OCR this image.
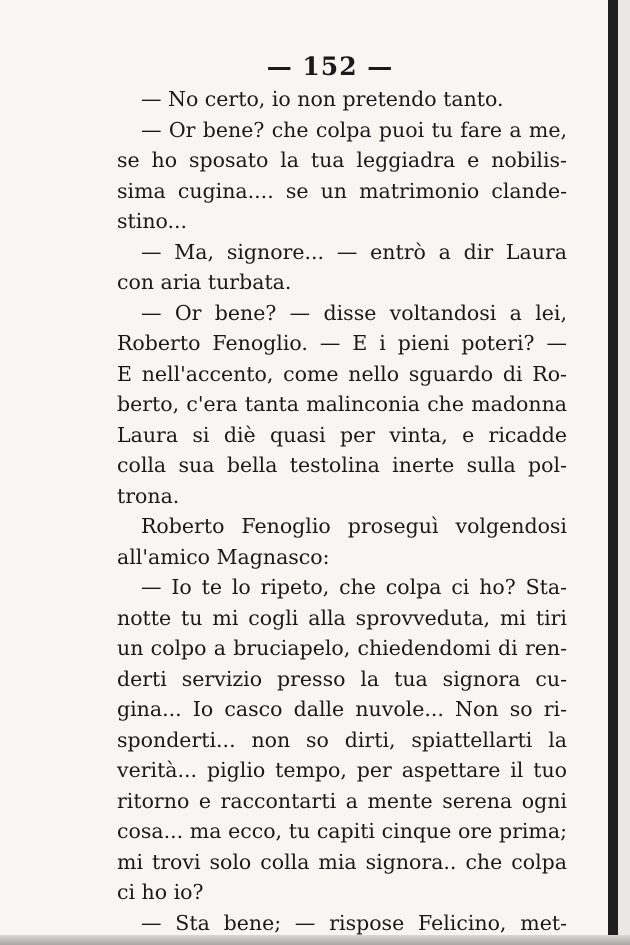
— 152 —
— No certo, io non pretendo tanto.
— Or bene? che colpa puoi tu fare a me,
se ho sposato la tua leggiadra e nobilis-
sima cugina.... se un matrimonio clande-
stino...
— Ma, signore... — entrò a dir Laura
con aria turbata.
— Or bene? — disse voltandosi a lei,
Roberto Fenoglio. — E i pieni poteri? —
E nell'accento, come nello sguardo di Ro-
berto, c'era tanta malinconia che madonna
Laura si diè quasi per vinta, e ricadde
colla sua bella testolina inerte sulla pol-
trona.
Roberto Fenoglio proseguì volgendosi
all'amico Magnasco:
— Io te lo ripeto, che colpa ci ho? Sta-
notte tu mi cogli alla sprovveduta, mi tiri
un colpo a bruciapelo, chiedendomi di ren-
derti servizio presso la tua signora cu-
gina... Io casco dalle nuvole... Non so ri-
sponderti... non so dirti, spiattellarti la
verità... piglio tempo, per aspettare il tuo
ritorno e raccontarti a mente serena ogni
cosa... ma ecco, tu capiti cinque ore prima;
mi trovi solo colla mia signora.. che colpa
ci ho io?
— Sta bene; — rispose Felicino, met-
